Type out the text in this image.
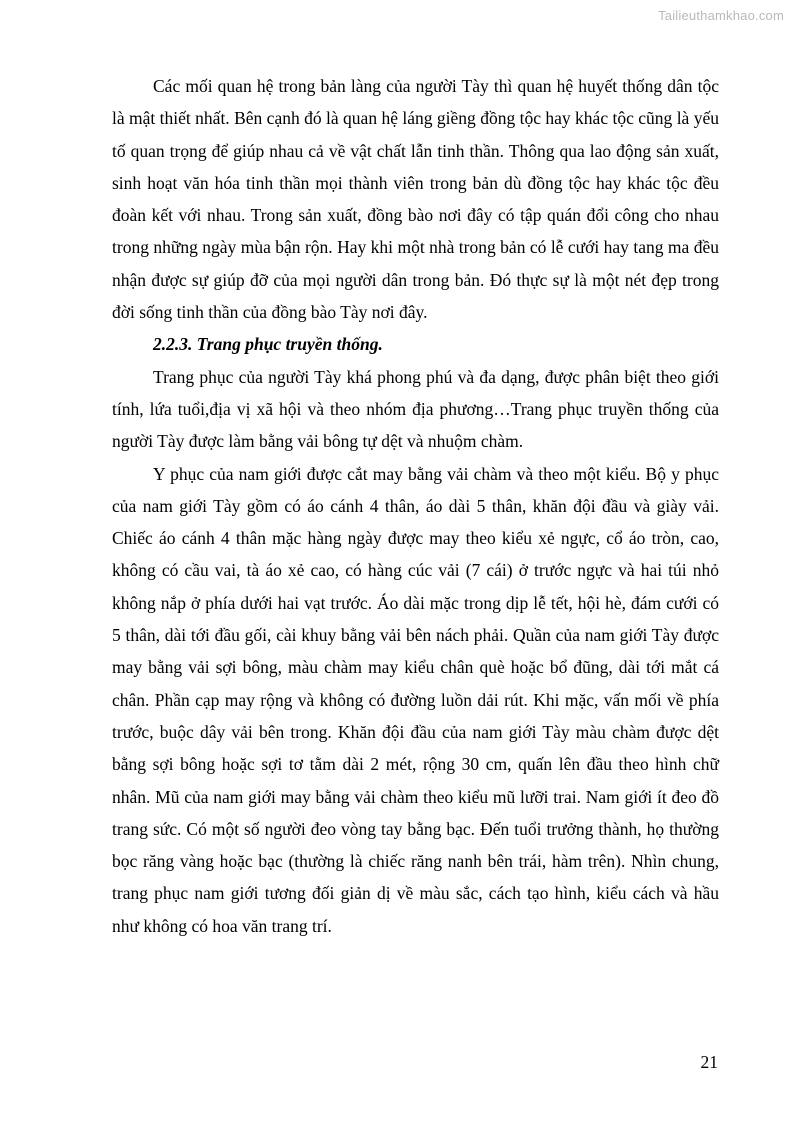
Tailieuthamkhao.com

Các mối quan hệ trong bản làng của người Tày thì quan hệ huyết thống dân tộc là mật thiết nhất. Bên cạnh đó là quan hệ láng giềng đồng tộc hay khác tộc cũng là yếu tố quan trọng để giúp nhau cả về vật chất lẫn tinh thần. Thông qua lao động sản xuất, sinh hoạt văn hóa tinh thần mọi thành viên trong bản dù đồng tộc hay khác tộc đều đoàn kết với nhau. Trong sản xuất, đồng bào nơi đây có tập quán đổi công cho nhau trong những ngày mùa bận rộn. Hay khi một nhà trong bản có lễ cưới hay tang ma đều nhận được sự giúp đỡ của mọi người dân trong bản. Đó thực sự là một nét đẹp trong đời sống tinh thần của đồng bào Tày nơi đây.

2.2.3. Trang phục truyền thống.

Trang phục của người Tày khá phong phú và đa dạng, được phân biệt theo giới tính, lứa tuổi,địa vị xã hội và theo nhóm địa phương…Trang phục truyền thống của người Tày được làm bằng vải bông tự dệt và nhuộm chàm.

Y phục của nam giới được cắt may bằng vải chàm và theo một kiểu. Bộ y phục của nam giới Tày gồm có áo cánh 4 thân, áo dài 5 thân, khăn đội đầu và giày vải. Chiếc áo cánh 4 thân mặc hàng ngày được may theo kiểu xẻ ngực, cổ áo tròn, cao, không có cầu vai, tà áo xẻ cao, có hàng cúc vải (7 cái) ở trước ngực và hai túi nhỏ không nắp ở phía dưới hai vạt trước. Áo dài mặc trong dịp lễ tết, hội hè, đám cưới có 5 thân, dài tới đầu gối, cài khuy bằng vải bên nách phải. Quần của nam giới Tày được may bằng vải sợi bông, màu chàm may kiểu chân què hoặc bổ đũng, dài tới mắt cá chân. Phần cạp may rộng và không có đường luồn dải rút. Khi mặc, vấn mối về phía trước, buộc dây vải bên trong. Khăn đội đầu của nam giới Tày màu chàm được dệt bằng sợi bông hoặc sợi tơ tằm dài 2 mét, rộng 30 cm, quấn lên đầu theo hình chữ nhân. Mũ của nam giới may bằng vải chàm theo kiểu mũ lưỡi trai. Nam giới ít đeo đồ trang sức. Có một số người đeo vòng tay bằng bạc. Đến tuổi trưởng thành, họ thường bọc răng vàng hoặc bạc (thường là chiếc răng nanh bên trái, hàm trên). Nhìn chung, trang phục nam giới tương đối giản dị về màu sắc, cách tạo hình, kiểu cách và hầu như không có hoa văn trang trí.

21
